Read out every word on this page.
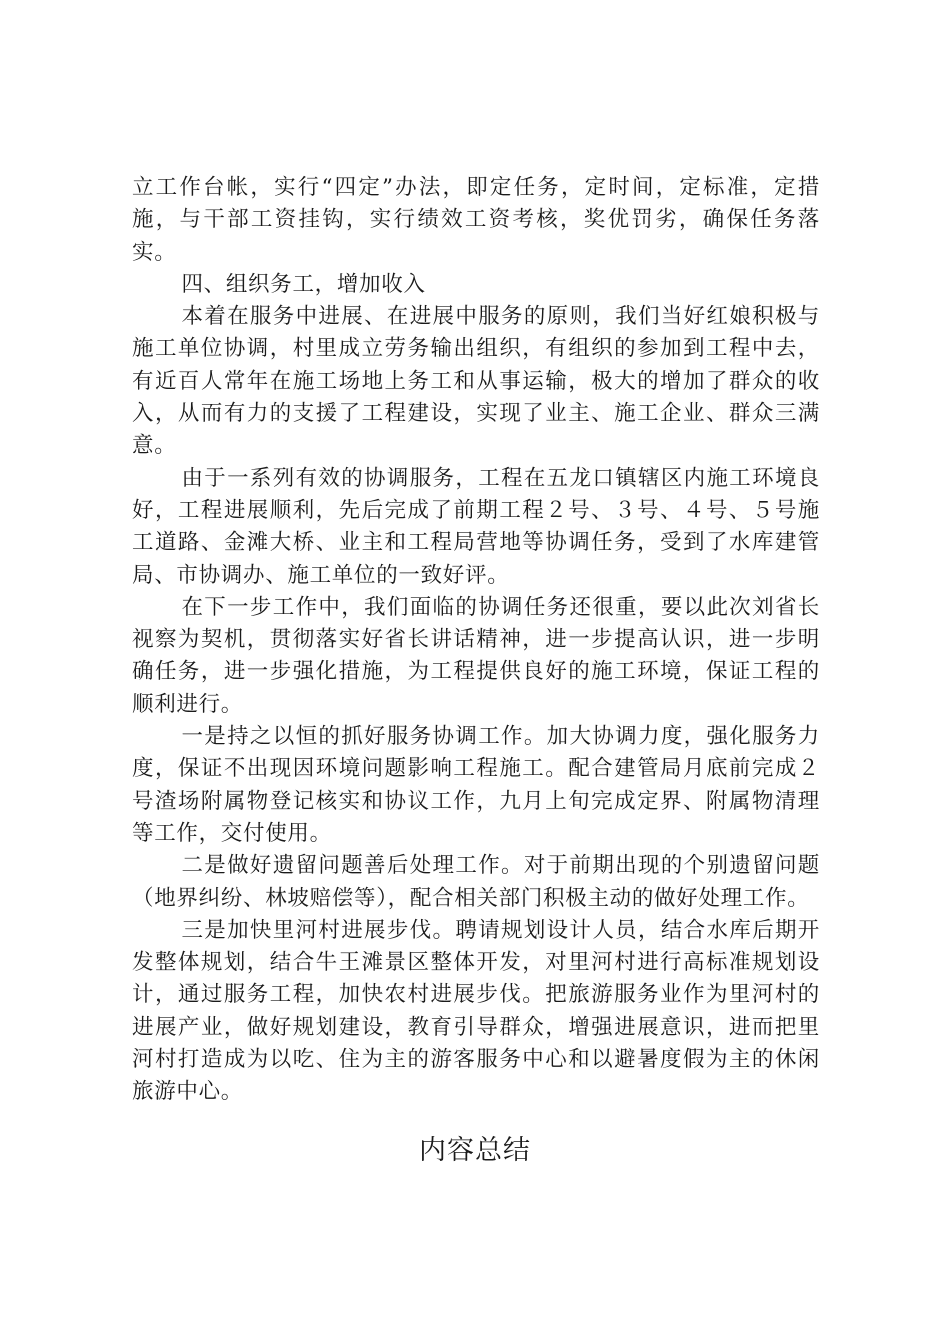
立工作台帐，实行“四定”办法，即定任务，定时间，定标准，定措施，与干部工资挂钩，实行绩效工资考核，奖优罚劣，确保任务落实。

四、组织务工，增加收入

本着在服务中进展、在进展中服务的原则，我们当好红娘积极与施工单位协调，村里成立劳务输出组织，有组织的参加到工程中去，有近百人常年在施工场地上务工和从事运输，极大的增加了群众的收入，从而有力的支援了工程建设，实现了业主、施工企业、群众三满意。

由于一系列有效的协调服务，工程在五龙口镇辖区内施工环境良好，工程进展顺利，先后完成了前期工程２号、３号、４号、５号施工道路、金滩大桥、业主和工程局营地等协调任务，受到了水库建管局、市协调办、施工单位的一致好评。

在下一步工作中，我们面临的协调任务还很重，要以此次刘省长视察为契机，贯彻落实好省长讲话精神，进一步提高认识，进一步明确任务，进一步强化措施，为工程提供良好的施工环境，保证工程的顺利进行。

一是持之以恒的抓好服务协调工作。加大协调力度，强化服务力度，保证不出现因环境问题影响工程施工。配合建管局月底前完成２号渣场附属物登记核实和协议工作，九月上旬完成定界、附属物清理等工作，交付使用。

二是做好遗留问题善后处理工作。对于前期出现的个别遗留问题（地界纠纷、林坡赔偿等），配合相关部门积极主动的做好处理工作。

三是加快里河村进展步伐。聘请规划设计人员，结合水库后期开发整体规划，结合牛王滩景区整体开发，对里河村进行高标准规划设计，通过服务工程，加快农村进展步伐。把旅游服务业作为里河村的进展产业，做好规划建设，教育引导群众，增强进展意识，进而把里河村打造成为以吃、住为主的游客服务中心和以避暑度假为主的休闲旅游中心。

内容总结
